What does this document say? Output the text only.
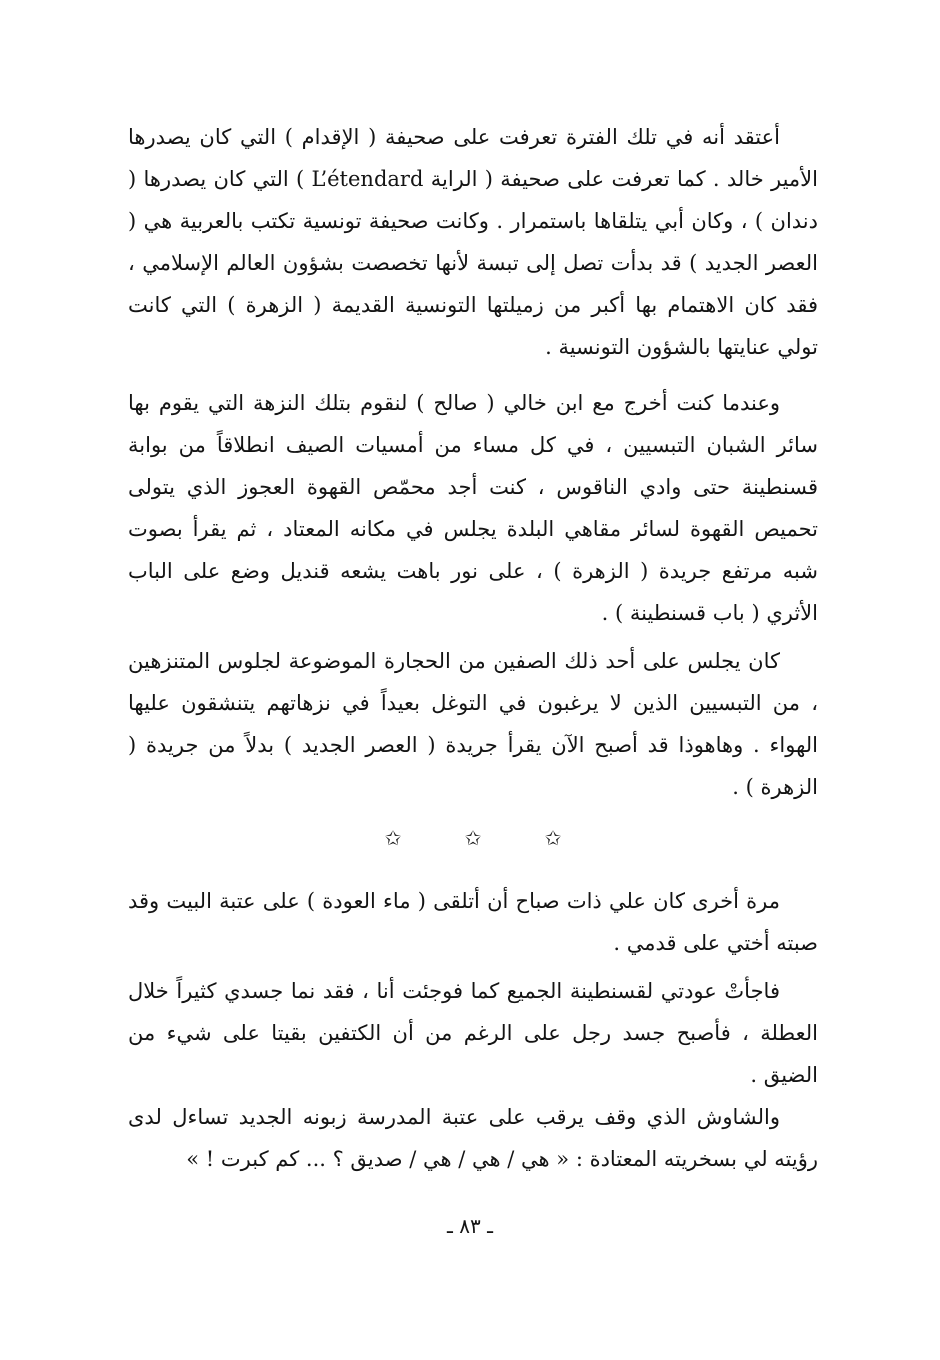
أعتقد أنه في تلك الفترة تعرفت على صحيفة ( الإقدام ) التي كان يصدرها الأمير خالد . كما تعرفت على صحيفة ( الراية L’étendard ) التي كان يصدرها ( دندان ) ، وكان أبي يتلقاها باستمرار . وكانت صحيفة تونسية تكتب بالعربية هي ( العصر الجديد ) قد بدأت تصل إلى تبسة لأنها تخصصت بشؤون العالم الإسلامي ، فقد كان الاهتمام بها أكبر من زميلتها التونسية القديمة ( الزهرة ) التي كانت تولي عنايتها بالشؤون التونسية .

وعندما كنت أخرج مع ابن خالي ( صالح ) لنقوم بتلك النزهة التي يقوم بها سائر الشبان التبسيين ، في كل مساء من أمسيات الصيف انطلاقاً من بوابة قسنطينة حتى وادي الناقوس ، كنت أجد محمّص القهوة العجوز الذي يتولى تحميص القهوة لسائر مقاهي البلدة يجلس في مكانه المعتاد ، ثم يقرأ بصوت شبه مرتفع جريدة ( الزهرة ) ، على نور باهت يشعه قنديل وضع على الباب الأثري ( باب قسنطينة ) .

كان يجلس على أحد ذلك الصفين من الحجارة الموضوعة لجلوس المتنزهين ، من التبسيين الذين لا يرغبون في التوغل بعيداً في نزهاتهم يتنشقون عليها الهواء . وهاهوذا قد أصبح الآن يقرأ جريدة ( العصر الجديد ) بدلاً من جريدة ( الزهرة ) .

✩	✩	✩

مرة أخرى كان علي ذات صباح أن أتلقى ( ماء العودة ) على عتبة البيت وقد صبته أختي على قدمي .

فاجأتْ عودتي لقسنطينة الجميع كما فوجئت أنا ، فقد نما جسدي كثيراً خلال العطلة ، فأصبح جسد رجل على الرغم من أن الكتفين بقيتا على شيء من الضيق .

والشاوش الذي وقف يرقب على عتبة المدرسة زبونه الجديد تساءل لدى رؤيته لي بسخريته المعتادة : « هي / هي / هي / صديق ؟ ... كم كبرت ! »

ـ ٨٣ ـ
